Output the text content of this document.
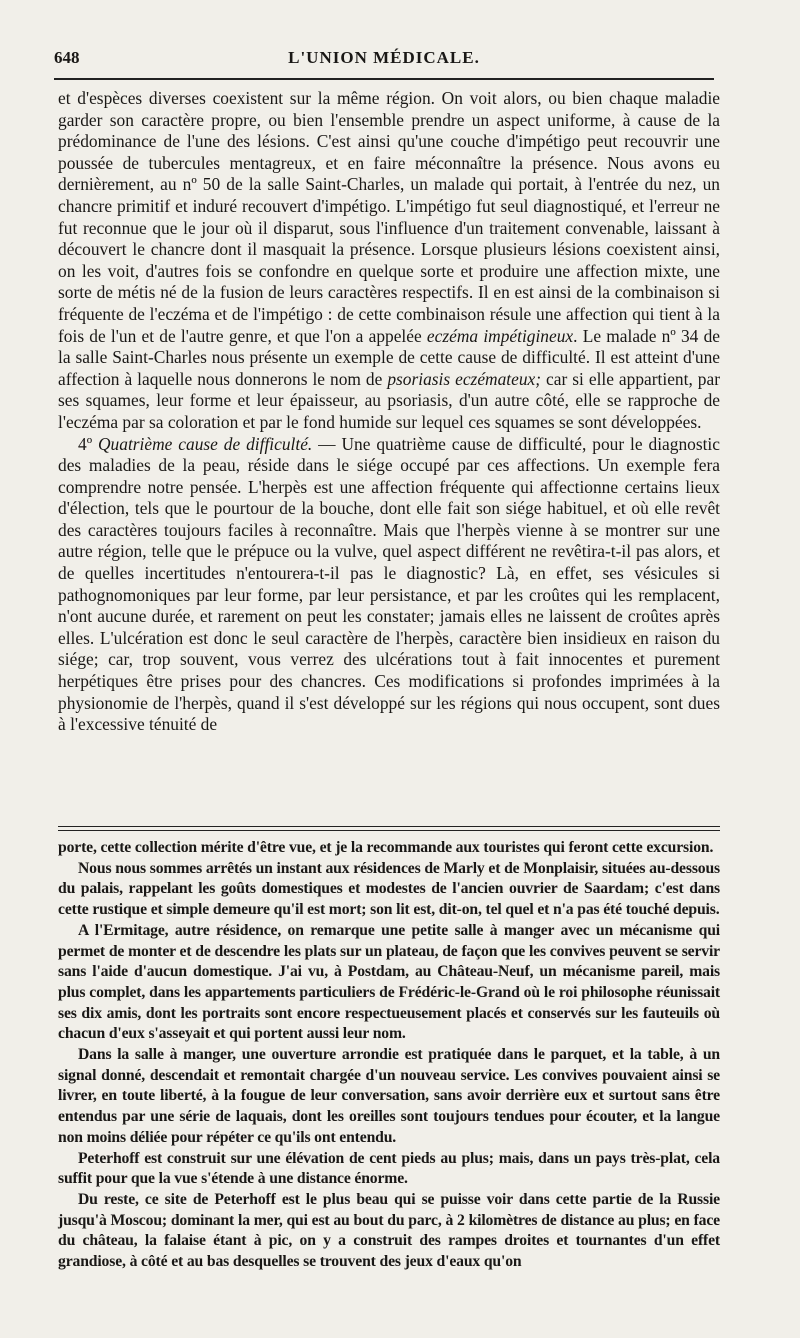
648	L'UNION MÉDICALE.

et d'espèces diverses coexistent sur la même région. On voit alors, ou bien chaque maladie garder son caractère propre, ou bien l'ensemble prendre un aspect uniforme, à cause de la prédominance de l'une des lésions. C'est ainsi qu'une couche d'impétigo peut recouvrir une poussée de tubercules mentagreux, et en faire méconnaître la présence. Nous avons eu dernièrement, au nº 50 de la salle Saint-Charles, un malade qui portait, à l'entrée du nez, un chancre primitif et induré recouvert d'impétigo. L'impétigo fut seul diagnostiqué, et l'erreur ne fut reconnue que le jour où il disparut, sous l'influence d'un traitement convenable, laissant à découvert le chancre dont il masquait la présence. Lorsque plusieurs lésions coexistent ainsi, on les voit, d'autres fois se confondre en quelque sorte et produire une affection mixte, une sorte de métis né de la fusion de leurs caractères respectifs. Il en est ainsi de la combinaison si fréquente de l'eczéma et de l'impétigo : de cette combinaison résule une affection qui tient à la fois de l'un et de l'autre genre, et que l'on a appelée eczéma impétigineux. Le malade nº 34 de la salle Saint-Charles nous présente un exemple de cette cause de difficulté. Il est atteint d'une affection à laquelle nous donnerons le nom de psoriasis eczémateux; car si elle appartient, par ses squames, leur forme et leur épaisseur, au psoriasis, d'un autre côté, elle se rapproche de l'eczéma par sa coloration et par le fond humide sur lequel ces squames se sont développées.

4º Quatrième cause de difficulté. — Une quatrième cause de difficulté, pour le diagnostic des maladies de la peau, réside dans le siége occupé par ces affections. Un exemple fera comprendre notre pensée. L'herpès est une affection fréquente qui affectionne certains lieux d'élection, tels que le pourtour de la bouche, dont elle fait son siége habituel, et où elle revêt des caractères toujours faciles à reconnaître. Mais que l'herpès vienne à se montrer sur une autre région, telle que le prépuce ou la vulve, quel aspect différent ne revêtira-t-il pas alors, et de quelles incertitudes n'entourera-t-il pas le diagnostic? Là, en effet, ses vésicules si pathognomoniques par leur forme, par leur persistance, et par les croûtes qui les remplacent, n'ont aucune durée, et rarement on peut les constater; jamais elles ne laissent de croûtes après elles. L'ulcération est donc le seul caractère de l'herpès, caractère bien insidieux en raison du siége; car, trop souvent, vous verrez des ulcérations tout à fait innocentes et purement herpétiques être prises pour des chancres. Ces modifications si profondes imprimées à la physionomie de l'herpès, quand il s'est développé sur les régions qui nous occupent, sont dues à l'excessive ténuité de

porte, cette collection mérite d'être vue, et je la recommande aux touristes qui feront cette excursion.

Nous nous sommes arrêtés un instant aux résidences de Marly et de Monplaisir, situées au-dessous du palais, rappelant les goûts domestiques et modestes de l'ancien ouvrier de Saardam; c'est dans cette rustique et simple demeure qu'il est mort; son lit est, dit-on, tel quel et n'a pas été touché depuis.

A l'Ermitage, autre résidence, on remarque une petite salle à manger avec un mécanisme qui permet de monter et de descendre les plats sur un plateau, de façon que les convives peuvent se servir sans l'aide d'aucun domestique. J'ai vu, à Postdam, au Château-Neuf, un mécanisme pareil, mais plus complet, dans les appartements particuliers de Frédéric-le-Grand où le roi philosophe réunissait ses dix amis, dont les portraits sont encore respectueusement placés et conservés sur les fauteuils où chacun d'eux s'asseyait et qui portent aussi leur nom.

Dans la salle à manger, une ouverture arrondie est pratiquée dans le parquet, et la table, à un signal donné, descendait et remontait chargée d'un nouveau service. Les convives pouvaient ainsi se livrer, en toute liberté, à la fougue de leur conversation, sans avoir derrière eux et surtout sans être entendus par une série de laquais, dont les oreilles sont toujours tendues pour écouter, et la langue non moins déliée pour répéter ce qu'ils ont entendu.

Peterhoff est construit sur une élévation de cent pieds au plus; mais, dans un pays très-plat, cela suffit pour que la vue s'étende à une distance énorme.

Du reste, ce site de Peterhoff est le plus beau qui se puisse voir dans cette partie de la Russie jusqu'à Moscou; dominant la mer, qui est au bout du parc, à 2 kilomètres de distance au plus; en face du château, la falaise étant à pic, on y a construit des rampes droites et tournantes d'un effet grandiose, à côté et au bas desquelles se trouvent des jeux d'eaux qu'on
